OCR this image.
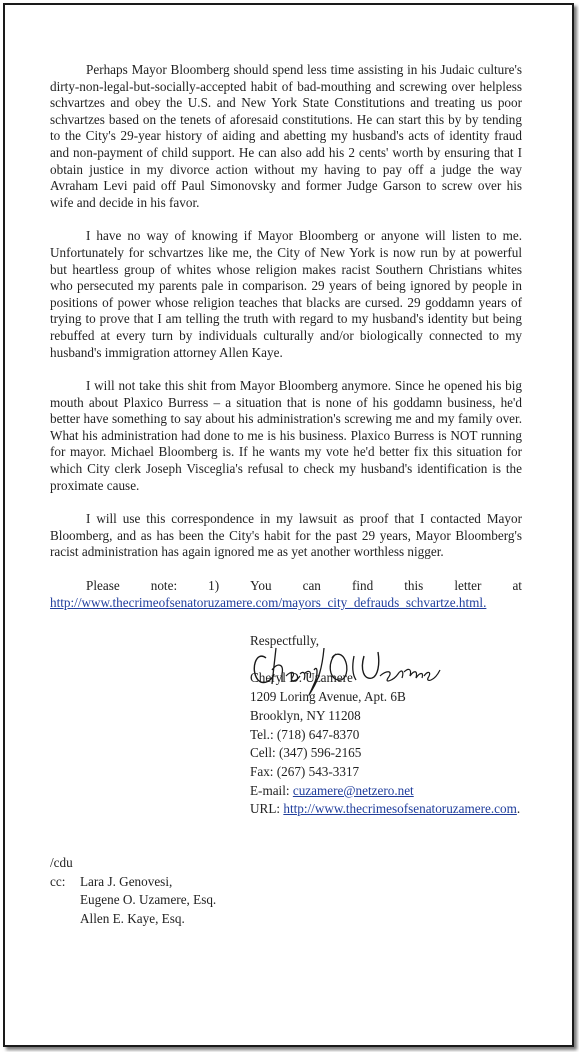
Perhaps Mayor Bloomberg should spend less time assisting in his Judaic culture's dirty-non-legal-but-socially-accepted habit of bad-mouthing and screwing over helpless schvartzes and obey the U.S. and New York State Constitutions and treating us poor schvartzes based on the tenets of aforesaid constitutions. He can start this by by tending to the City's 29-year history of aiding and abetting my husband's acts of identity fraud and non-payment of child support. He can also add his 2 cents' worth by ensuring that I obtain justice in my divorce action without my having to pay off a judge the way Avraham Levi paid off Paul Simonovsky and former Judge Garson to screw over his wife and decide in his favor.

I have no way of knowing if Mayor Bloomberg or anyone will listen to me. Unfortunately for schvartzes like me, the City of New York is now run by at powerful but heartless group of whites whose religion makes racist Southern Christians whites who persecuted my parents pale in comparison. 29 years of being ignored by people in positions of power whose religion teaches that blacks are cursed. 29 goddamn years of trying to prove that I am telling the truth with regard to my husband's identity but being rebuffed at every turn by individuals culturally and/or biologically connected to my husband's immigration attorney Allen Kaye.

I will not take this shit from Mayor Bloomberg anymore. Since he opened his big mouth about Plaxico Burress – a situation that is none of his goddamn business, he'd better have something to say about his administration's screwing me and my family over. What his administration had done to me is his business. Plaxico Burress is NOT running for mayor. Michael Bloomberg is. If he wants my vote he'd better fix this situation for which City clerk Joseph Visceglia's refusal to check my husband's identification is the proximate cause.

I will use this correspondence in my lawsuit as proof that I contacted Mayor Bloomberg, and as has been the City's habit for the past 29 years, Mayor Bloomberg's racist administration has again ignored me as yet another worthless nigger.

Please note: 1) You can find this letter at

http://www.thecrimeofsenatoruzamere.com/mayors_city_defrauds_schvartze.html.

Respectfully,
Cheryl D. Uzamere
1209 Loring Avenue, Apt. 6B
Brooklyn, NY 11208
Tel.: (718) 647-8370
Cell: (347) 596-2165
Fax: (267) 543-3317
E-mail: cuzamere@netzero.net
URL: http://www.thecrimesofsenatoruzamere.com.
/cdu
cc:	Lara J. Genovesi,
Eugene O. Uzamere, Esq.
Allen E. Kaye, Esq.
